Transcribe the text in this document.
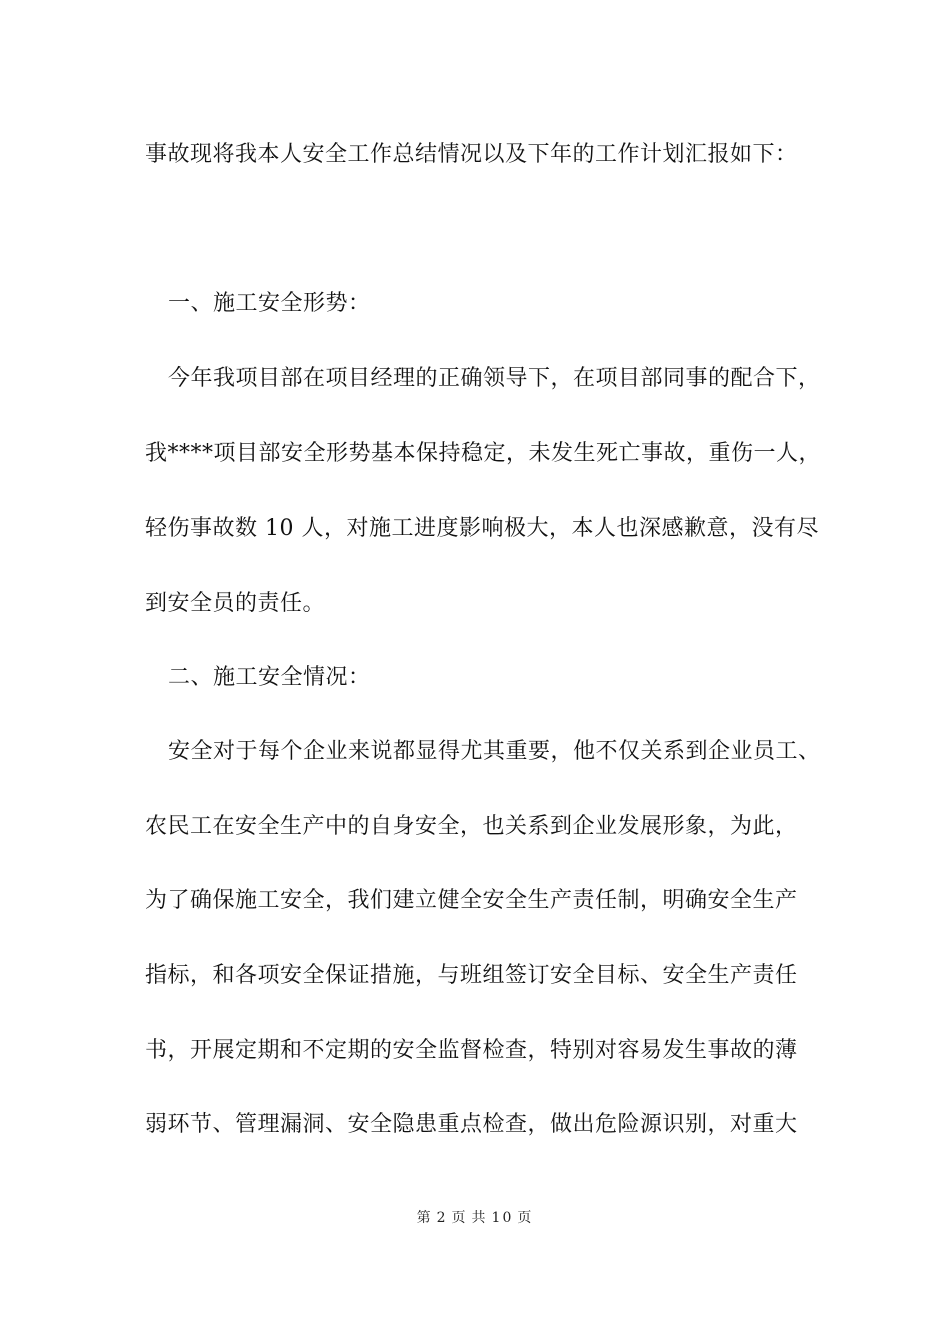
事故现将我本人安全工作总结情况以及下年的工作计划汇报如下：
一、施工安全形势：
今年我项目部在项目经理的正确领导下，在项目部同事的配合下，
我****项目部安全形势基本保持稳定，未发生死亡事故，重伤一人，
轻伤事故数 10 人，对施工进度影响极大，本人也深感歉意，没有尽
到安全员的责任。
二、施工安全情况：
安全对于每个企业来说都显得尤其重要，他不仅关系到企业员工、
农民工在安全生产中的自身安全，也关系到企业发展形象，为此，
为了确保施工安全，我们建立健全安全生产责任制，明确安全生产
指标，和各项安全保证措施，与班组签订安全目标、安全生产责任
书，开展定期和不定期的安全监督检查，特别对容易发生事故的薄
弱环节、管理漏洞、安全隐患重点检查，做出危险源识别，对重大
第 2 页 共 10 页
